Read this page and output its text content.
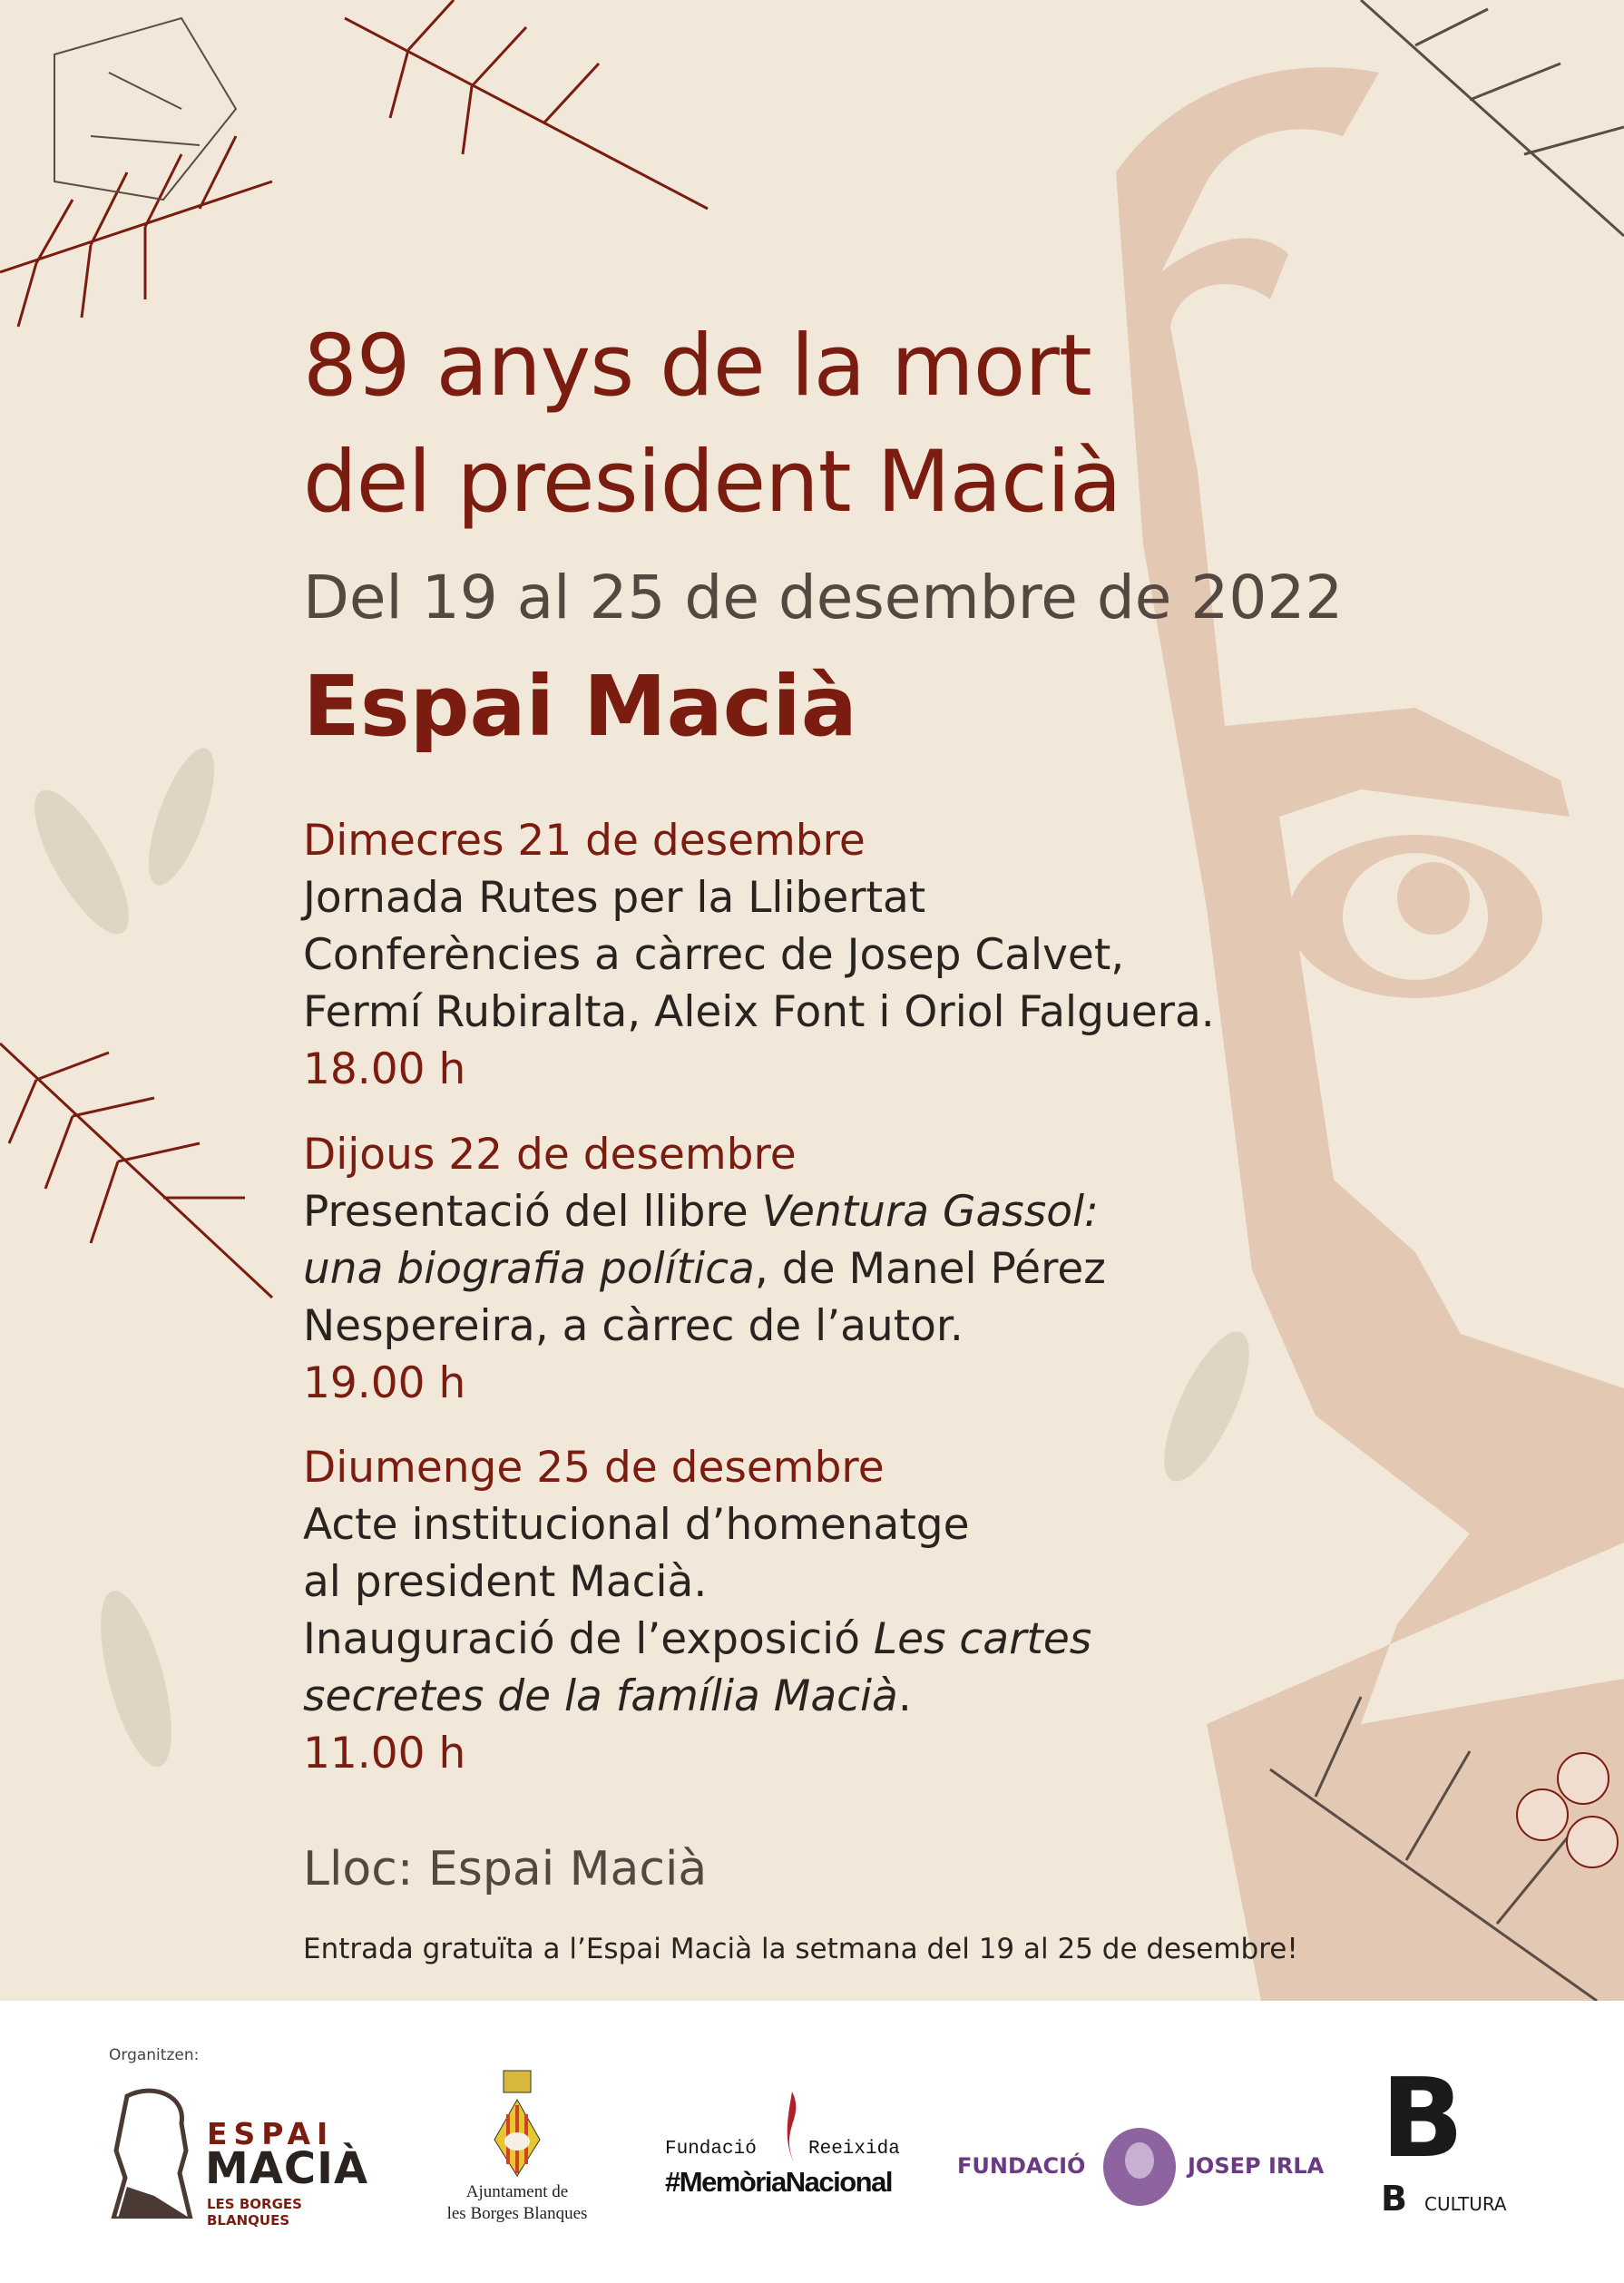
89 anys de la mort
del president Macià
Del 19 al 25 de desembre de 2022
Espai Macià
Dimecres 21 de desembre
Jornada Rutes per la Llibertat
Conferències a càrrec de Josep Calvet,
Fermí Rubiralta, Aleix Font i Oriol Falguera.
18.00 h
Dijous 22 de desembre
Presentació del llibre Ventura Gassol:
una biografia política, de Manel Pérez
Nespereira, a càrrec de l’autor.
19.00 h
Diumenge 25 de desembre
Acte institucional d’homenatge
al president Macià.
Inauguració de l’exposició Les cartes
secretes de la família Macià.
11.00 h
Lloc: Espai Macià
Entrada gratuïta a l’Espai Macià la setmana del 19 al 25 de desembre!
Organitzen:
ESPAI
MACIÀ
LES BORGES BLANQUES
Ajuntament de
les Borges Blanques
Fundació	Reeixida
#MemòriaNacional	FUNDACIÓ	JOSEP IRLA B
B CULTURA
